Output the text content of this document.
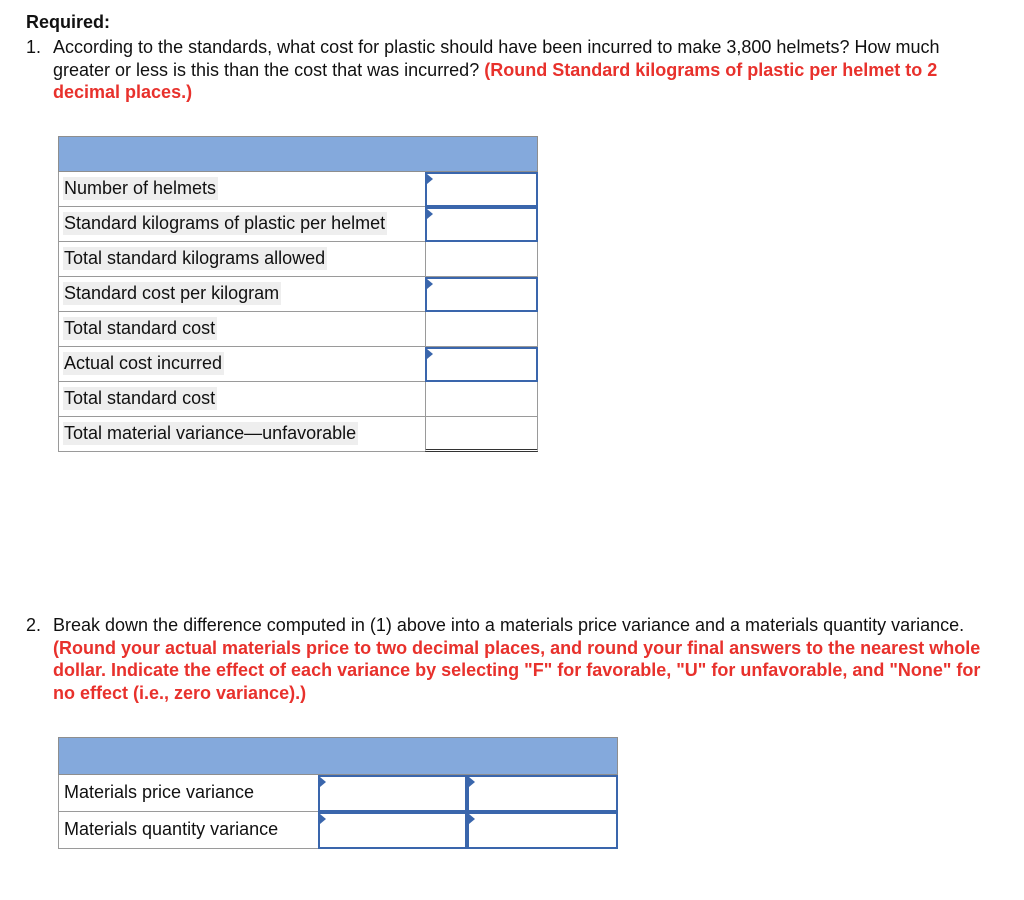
Required:
1. According to the standards, what cost for plastic should have been incurred to make 3,800 helmets? How much greater or less is this than the cost that was incurred? (Round Standard kilograms of plastic per helmet to 2 decimal places.)
Number of helmets
Standard kilograms of plastic per helmet
Total standard kilograms allowed
Standard cost per kilogram
Total standard cost
Actual cost incurred
Total standard cost
Total material variance—unfavorable
2. Break down the difference computed in (1) above into a materials price variance and a materials quantity variance. (Round your actual materials price to two decimal places, and round your final answers to the nearest whole dollar. Indicate the effect of each variance by selecting "F" for favorable, "U" for unfavorable, and "None" for no effect (i.e., zero variance).)
Materials price variance
Materials quantity variance
